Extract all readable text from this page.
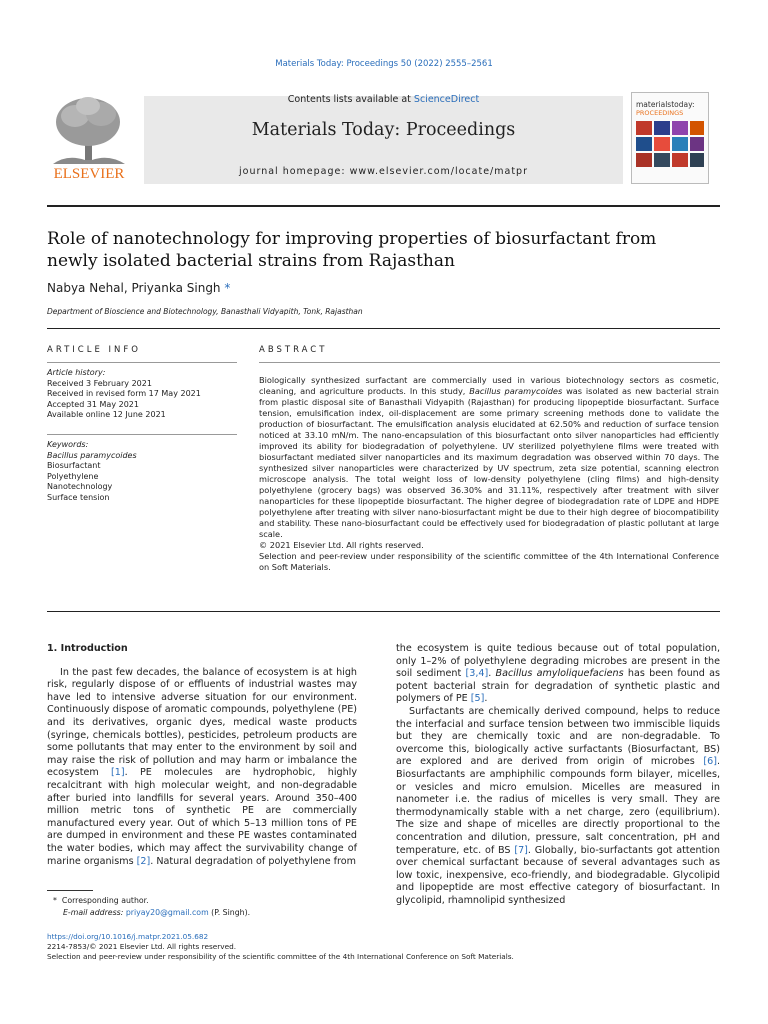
Materials Today: Proceedings 50 (2022) 2555–2561
ELSEVIER
Contents lists available at ScienceDirect
Materials Today: Proceedings
journal homepage: www.elsevier.com/locate/matpr
materialstoday:
PROCEEDINGS
Role of nanotechnology for improving properties of biosurfactant from newly isolated bacterial strains from Rajasthan
Nabya Nehal, Priyanka Singh *
Department of Bioscience and Biotechnology, Banasthali Vidyapith, Tonk, Rajasthan
ARTICLE INFO
Article history:
Received 3 February 2021
Received in revised form 17 May 2021
Accepted 31 May 2021
Available online 12 June 2021
Keywords:
Bacillus paramycoides
Biosurfactant
Polyethylene
Nanotechnology
Surface tension
ABSTRACT
Biologically synthesized surfactant are commercially used in various biotechnology sectors as cosmetic, cleaning, and agriculture products. In this study, Bacillus paramycoides was isolated as new bacterial strain from plastic disposal site of Banasthali Vidyapith (Rajasthan) for producing lipopeptide biosurfactant. Surface tension, emulsification index, oil-displacement are some primary screening methods done to validate the production of biosurfactant. The emulsification analysis elucidated at 62.50% and reduction of surface tension noticed at 33.10 mN/m. The nano-encapsulation of this biosurfactant onto silver nanoparticles had efficiently improved its ability for biodegradation of polyethylene. UV sterilized polyethylene films were treated with biosurfactant mediated silver nanoparticles and its maximum degradation was observed within 70 days. The synthesized silver nanoparticles were characterized by UV spectrum, zeta size potential, scanning electron microscope analysis. The total weight loss of low-density polyethylene (cling films) and high-density polyethylene (grocery bags) was observed 36.30% and 31.11%, respectively after treatment with silver nanoparticles for these lipopeptide biosurfactant. The higher degree of biodegradation rate of LDPE and HDPE polyethylene after treating with silver nano-biosurfactant might be due to their high degree of biocompatibility and stability. These nano-biosurfactant could be effectively used for biodegradation of plastic pollutant at large scale.
© 2021 Elsevier Ltd. All rights reserved.
Selection and peer-review under responsibility of the scientific committee of the 4th International Conference on Soft Materials.

1. Introduction

In the past few decades, the balance of ecosystem is at high risk, regularly dispose of or effluents of industrial wastes may have led to intensive adverse situation for our environment. Continuously dispose of aromatic compounds, polyethylene (PE) and its derivatives, organic dyes, medical waste products (syringe, chemicals bottles), pesticides, petroleum products are some pollutants that may enter to the environment by soil and may raise the risk of pollution and may harm or imbalance the ecosystem [1]. PE molecules are hydrophobic, highly recalcitrant with high molecular weight, and non-degradable after buried into landfills for several years. Around 350–400 million metric tons of synthetic PE are commercially manufactured every year. Out of which 5–13 million tons of PE are dumped in environment and these PE wastes contaminated the water bodies, which may affect the survivability change of marine organisms [2]. Natural degradation of polyethylene from

the ecosystem is quite tedious because out of total population, only 1–2% of polyethylene degrading microbes are present in the soil sediment [3,4]. Bacillus amyloliquefaciens has been found as potent bacterial strain for degradation of synthetic plastic and polymers of PE [5].

Surfactants are chemically derived compound, helps to reduce the interfacial and surface tension between two immiscible liquids but they are chemically toxic and are non-degradable. To overcome this, biologically active surfactants (Biosurfactant, BS) are explored and are derived from origin of microbes [6]. Biosurfactants are amphiphilic compounds form bilayer, micelles, or vesicles and micro emulsion. Micelles are measured in nanometer i.e. the radius of micelles is very small. They are thermodynamically stable with a net charge, zero (equilibrium). The size and shape of micelles are directly proportional to the concentration and dilution, pressure, salt concentration, pH and temperature, etc. of BS [7]. Globally, bio-surfactants got attention over chemical surfactant because of several advantages such as low toxic, inexpensive, eco-friendly, and biodegradable. Glycolipid and lipopeptide are most effective category of biosurfactant. In glycolipid, rhamnolipid synthesized

* Corresponding author.
E-mail address: priyay20@gmail.com (P. Singh).
https://doi.org/10.1016/j.matpr.2021.05.682
2214-7853/© 2021 Elsevier Ltd. All rights reserved.
Selection and peer-review under responsibility of the scientific committee of the 4th International Conference on Soft Materials.
